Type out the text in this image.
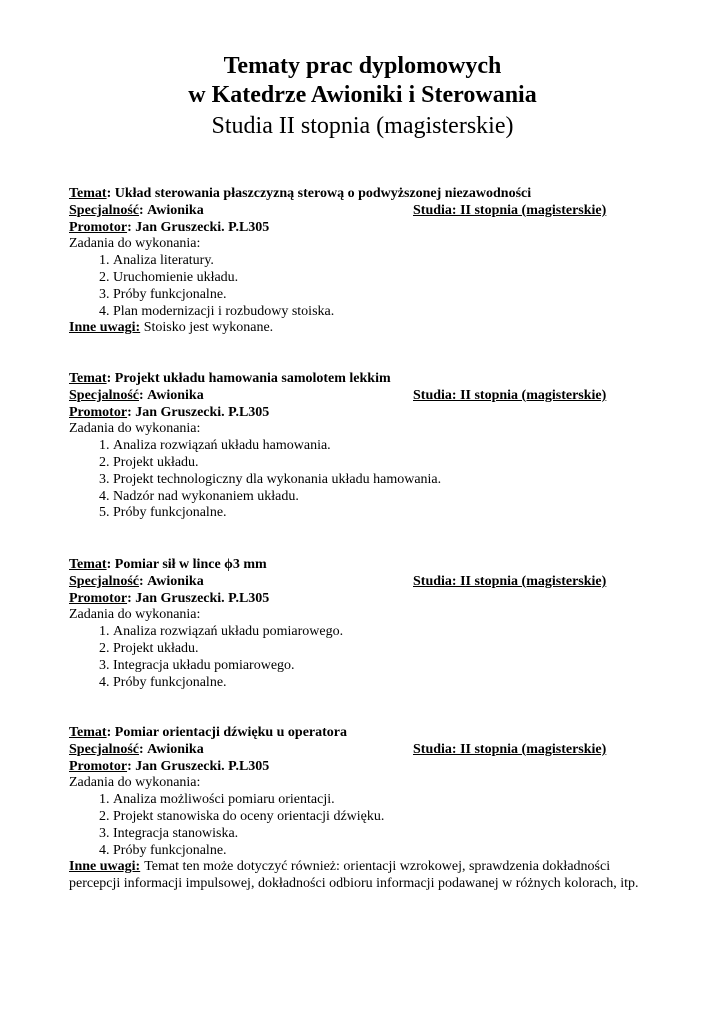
Tematy prac dyplomowych
w Katedrze Awioniki i Sterowania
Studia II stopnia (magisterskie)
Temat: Układ sterowania płaszczyzną sterową o podwyższonej niezawodności
Specjalność: Awionika	Studia: II stopnia (magisterskie)
Promotor: Jan Gruszecki. P.L305
Zadania do wykonania:
1. Analiza literatury.
2. Uruchomienie układu.
3. Próby funkcjonalne.
4. Plan modernizacji i rozbudowy stoiska.
Inne uwagi: Stoisko jest wykonane.
Temat: Projekt układu hamowania samolotem lekkim
Specjalność: Awionika	Studia: II stopnia (magisterskie)
Promotor: Jan Gruszecki. P.L305
Zadania do wykonania:
1. Analiza rozwiązań układu hamowania.
2. Projekt układu.
3. Projekt technologiczny dla wykonania układu hamowania.
4. Nadzór nad wykonaniem układu.
5. Próby funkcjonalne.
Temat: Pomiar sił w lince ϕ3 mm
Specjalność: Awionika	Studia: II stopnia (magisterskie)
Promotor: Jan Gruszecki. P.L305
Zadania do wykonania:
1. Analiza rozwiązań układu pomiarowego.
2. Projekt układu.
3. Integracja układu pomiarowego.
4. Próby funkcjonalne.
Temat: Pomiar orientacji dźwięku u operatora
Specjalność: Awionika	Studia: II stopnia (magisterskie)
Promotor: Jan Gruszecki. P.L305
Zadania do wykonania:
1. Analiza możliwości pomiaru orientacji.
2. Projekt stanowiska do oceny orientacji dźwięku.
3. Integracja stanowiska.
4. Próby funkcjonalne.
Inne uwagi: Temat ten może dotyczyć również: orientacji wzrokowej, sprawdzenia dokładności percepcji informacji impulsowej, dokładności odbioru informacji podawanej w różnych kolorach, itp.
